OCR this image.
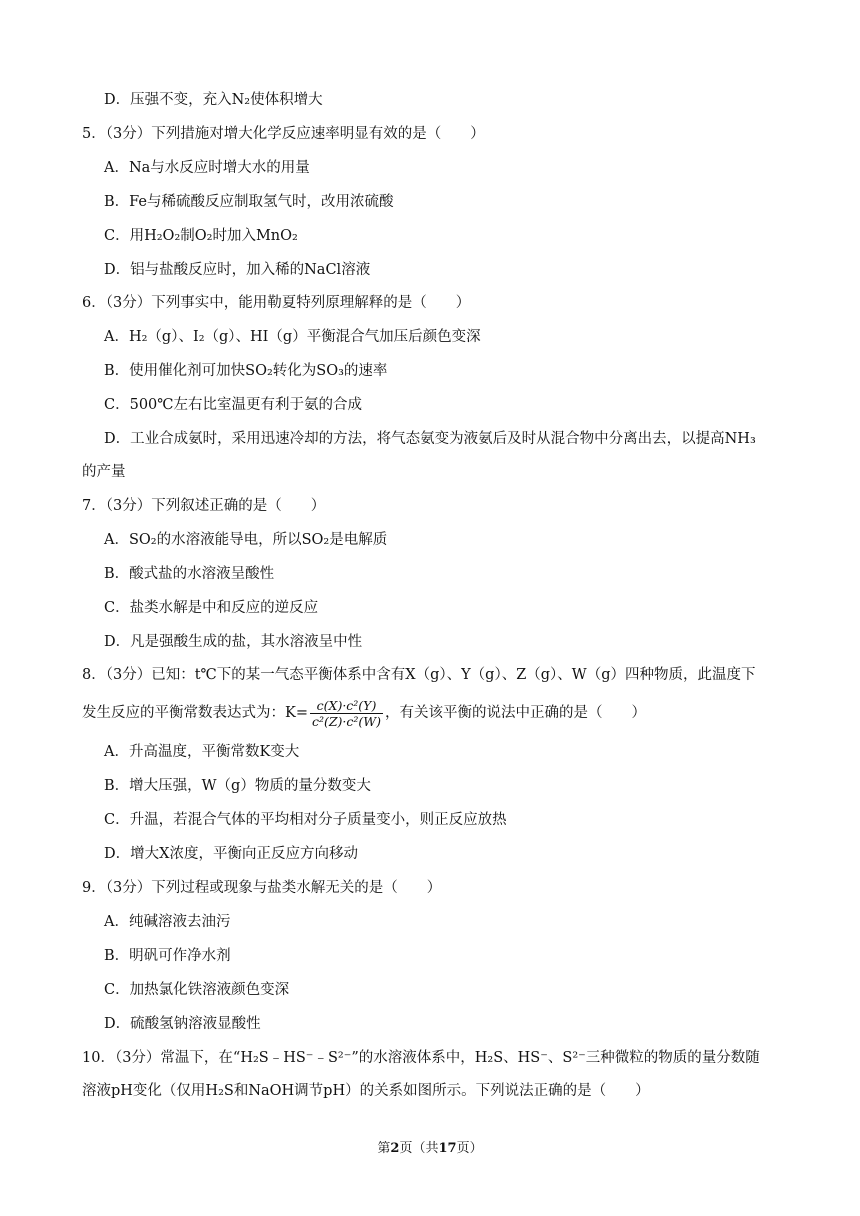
D．压强不变，充入N₂使体积增大
5．（3分）下列措施对增大化学反应速率明显有效的是（　　）
A．Na与水反应时增大水的用量
B．Fe与稀硫酸反应制取氢气时，改用浓硫酸
C．用H₂O₂制O₂时加入MnO₂
D．铝与盐酸反应时，加入稀的NaCl溶液
6．（3分）下列事实中，能用勒夏特列原理解释的是（　　）
A．H₂（g）、I₂（g）、HI（g）平衡混合气加压后颜色变深
B．使用催化剂可加快SO₂转化为SO₃的速率
C．500℃左右比室温更有利于氨的合成
D．工业合成氨时，采用迅速冷却的方法，将气态氨变为液氨后及时从混合物中分离出去，以提高NH₃
的产量
7．（3分）下列叙述正确的是（　　）
A．SO₂的水溶液能导电，所以SO₂是电解质
B．酸式盐的水溶液呈酸性
C．盐类水解是中和反应的逆反应
D．凡是强酸生成的盐，其水溶液呈中性
8．（3分）已知：t℃下的某一气态平衡体系中含有X（g）、Y（g）、Z（g）、W（g）四种物质，此温度下
发生反应的平衡常数表达式为：$K= \frac{\text{c(X)·c²(Y)}}{\text{c²(Z)·c²(W)}}$ ，有关该平衡的说法中正确的是（　　）
A．升高温度，平衡常数K变大
B．增大压强，W（g）物质的量分数变大
C．升温，若混合气体的平均相对分子质量变小，则正反应放热
D．增大X浓度，平衡向正反应方向移动
9．（3分）下列过程或现象与盐类水解无关的是（　　）
A．纯碱溶液去油污
B．明矾可作净水剂
C．加热氯化铁溶液颜色变深
D．硫酸氢钠溶液显酸性
10．（3分）常温下，在“H₂S﹣HS⁻﹣S²⁻”的水溶液体系中，H₂S、HS⁻、S²⁻三种微粒的物质的量分数随
溶液pH变化（仅用H₂S和NaOH调节pH）的关系如图所示。下列说法正确的是（　　）
第2页（共17页）
